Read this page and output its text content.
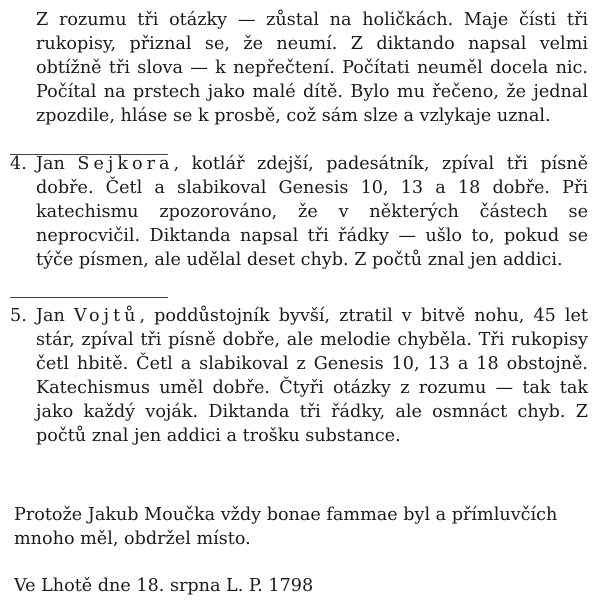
Z rozumu tři otázky — zůstal na holičkách. Maje čísti tři rukopisy, přiznal se, že neumí. Z diktando napsal velmi obtížně tři slova — k nepřečtení. Počítati neuměl docela nic. Počítal na prstech jako malé dítě. Bylo mu řečeno, že jednal zpozdile, hláse se k prosbě, což sám slze a vzlykaje uznal.

4. Jan Sejkora, kotlář zdejší, padesátník, zpíval tři písně dobře. Četl a slabikoval Genesis 10, 13 a 18 dobře. Při katechismu zpozorováno, že v některých částech se neprocvičil. Diktanda napsal tři řádky — ušlo to, pokud se týče písmen, ale udělal deset chyb. Z počtů znal jen addici.
5. Jan Vojtů, poddůstojník byvší, ztratil v bitvě nohu, 45 let stár, zpíval tři písně dobře, ale melodie chyběla. Tři rukopisy četl hbitě. Četl a slabikoval z Genesis 10, 13 a 18 obstojně. Katechismus uměl dobře. Čtyři otázky z rozumu — tak tak jako každý voják. Diktanda tři řádky, ale osmnáct chyb. Z počtů znal jen addici a trošku substance.

Protože Jakub Moučka vždy bonae fammae byl a přímluvčích mnoho měl, obdržel místo.

Ve Lhotě dne 18. srpna L. P. 1798
